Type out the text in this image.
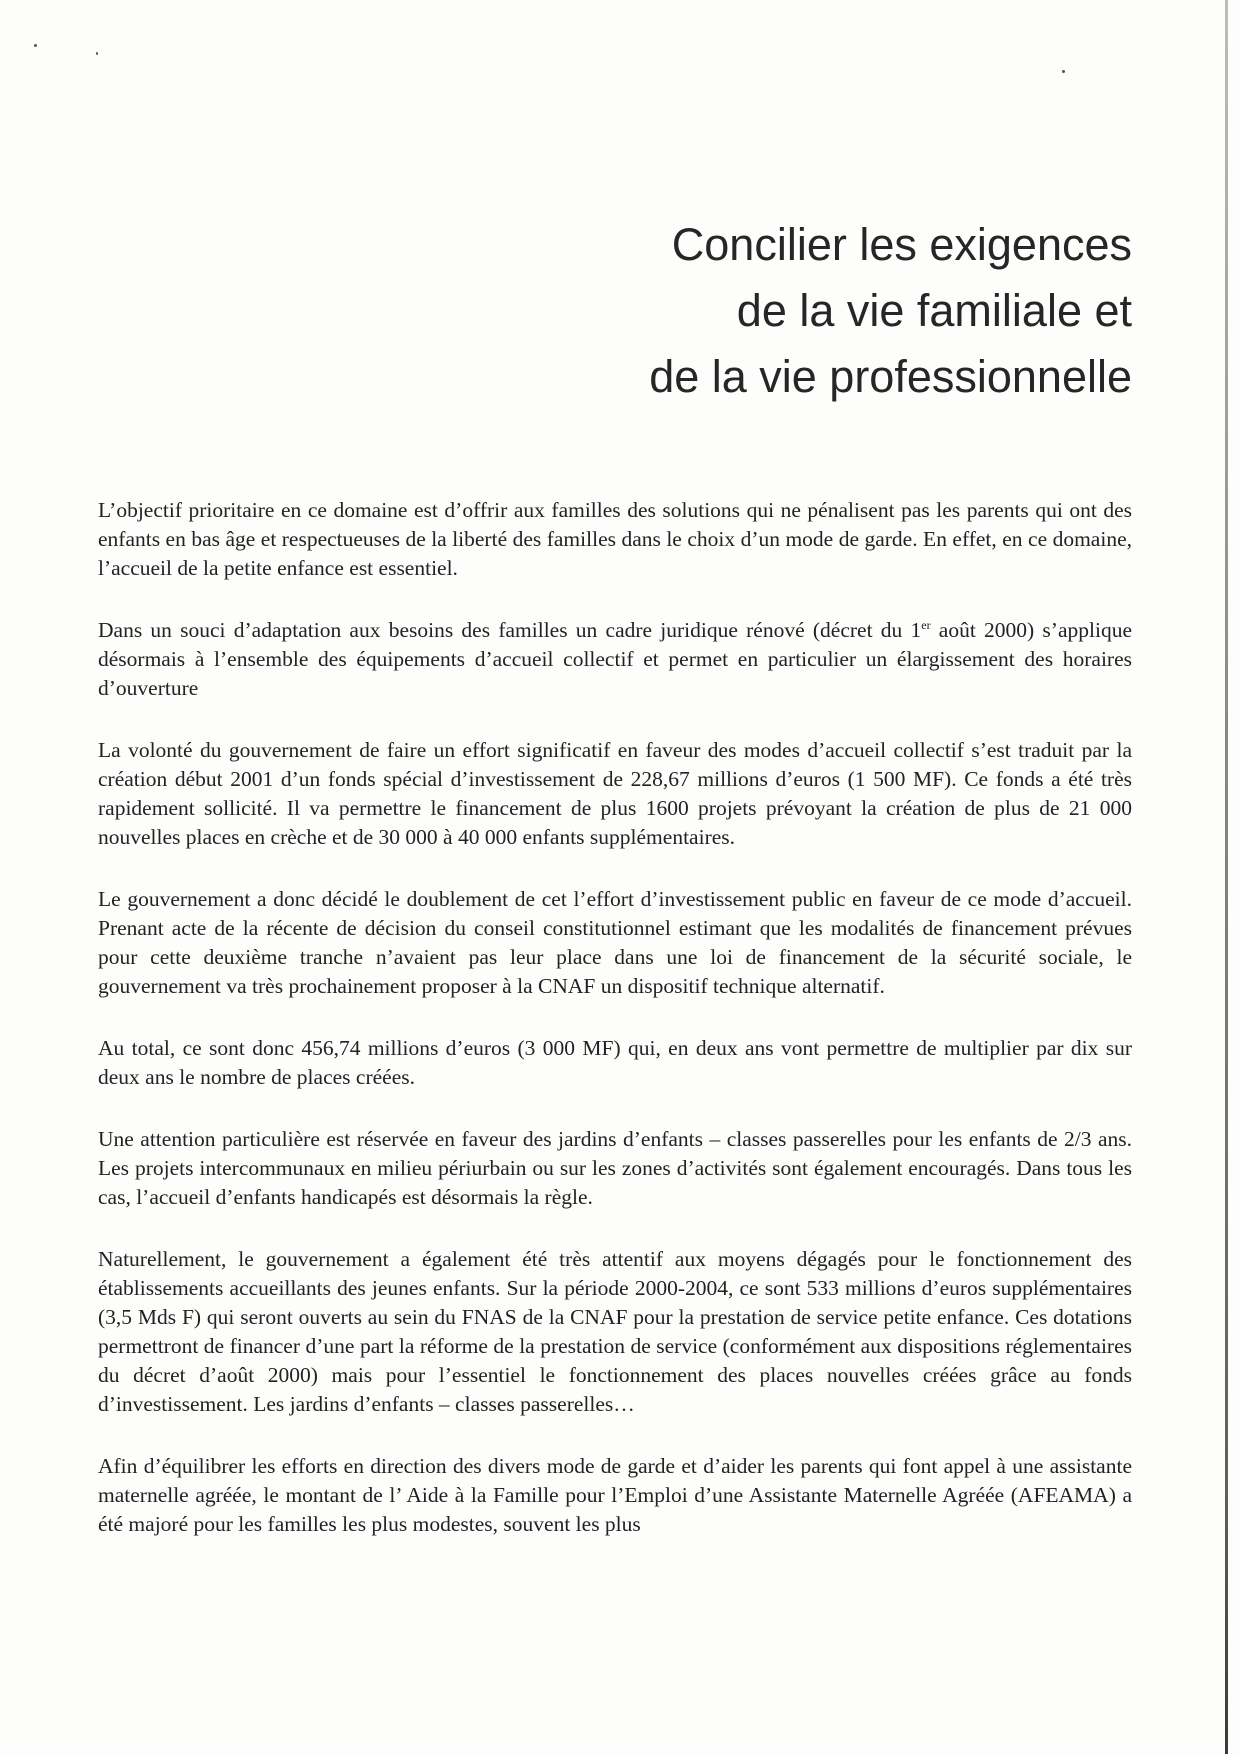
Concilier les exigences
de la vie familiale et
de la vie professionnelle

L’objectif prioritaire en ce domaine est d’offrir aux familles des solutions qui ne pénalisent pas les parents qui ont des enfants en bas âge et respectueuses de la liberté des familles dans le choix d’un mode de garde. En effet, en ce domaine, l’accueil de la petite enfance est essentiel.

Dans un souci d’adaptation aux besoins des familles un cadre juridique rénové (décret du 1er août 2000) s’applique désormais à l’ensemble des équipements d’accueil collectif et permet en particulier un élargissement des horaires d’ouverture

La volonté du gouvernement de faire un effort significatif en faveur des modes d’accueil collectif s’est traduit par la création début 2001 d’un fonds spécial d’investissement de 228,67 millions d’euros (1 500 MF). Ce fonds a été très rapidement sollicité. Il va permettre le financement de plus 1600 projets prévoyant la création de plus de 21 000 nouvelles places en crèche et de 30 000 à 40 000 enfants supplémentaires.

Le gouvernement a donc décidé le doublement de cet l’effort d’investissement public en faveur de ce mode d’accueil. Prenant acte de la récente de décision du conseil constitutionnel estimant que les modalités de financement prévues pour cette deuxième tranche n’avaient pas leur place dans une loi de financement de la sécurité sociale, le gouvernement va très prochainement proposer à la CNAF un dispositif technique alternatif.

Au total, ce sont donc 456,74 millions d’euros (3 000 MF) qui, en deux ans vont permettre de multiplier par dix sur deux ans le nombre de places créées.

Une attention particulière est réservée en faveur des jardins d’enfants – classes passerelles pour les enfants de 2/3 ans. Les projets intercommunaux en milieu périurbain ou sur les zones d’activités sont également encouragés. Dans tous les cas, l’accueil d’enfants handicapés est désormais la règle.

Naturellement, le gouvernement a également été très attentif aux moyens dégagés pour le fonctionnement des établissements accueillants des jeunes enfants. Sur la période 2000-2004, ce sont 533 millions d’euros supplémentaires (3,5 Mds F) qui seront ouverts au sein du FNAS de la CNAF pour la prestation de service petite enfance. Ces dotations permettront de financer d’une part la réforme de la prestation de service (conformément aux dispositions réglementaires du décret d’août 2000) mais pour l’essentiel le fonctionnement des places nouvelles créées grâce au fonds d’investissement. Les jardins d’enfants – classes passerelles…

Afin d’équilibrer les efforts en direction des divers mode de garde et d’aider les parents qui font appel à une assistante maternelle agréée, le montant de l’ Aide à la Famille pour l’Emploi d’une Assistante Maternelle Agréée (AFEAMA) a été majoré pour les familles les plus modestes, souvent les plus
